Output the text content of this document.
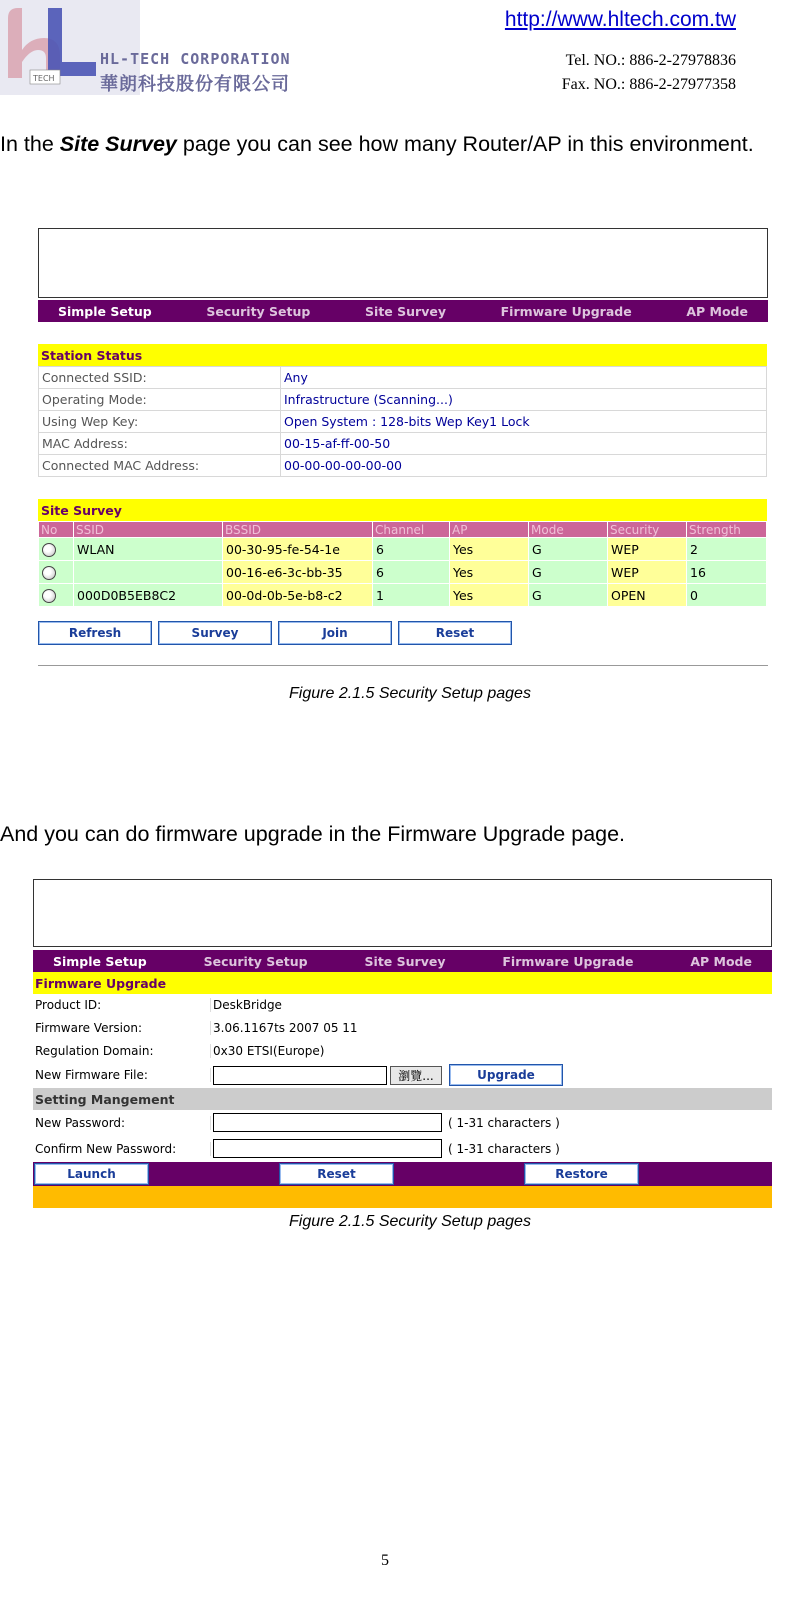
TECH
HL-TECH CORPORATION
華朗科技股份有限公司
http://www.hltech.com.tw
Tel. NO.: 886-2-27978836
Fax. NO.: 886-2-27977358
In the Site Survey page you can see how many Router/AP in this environment.
Simple Setup	Security Setup	Site Survey	Firmware Upgrade	AP Mode
Station Status
Connected SSID:	Any
Operating Mode:	Infrastructure (Scanning...)
Using Wep Key:	Open System : 128-bits Wep Key1 Lock
MAC Address:	00-15-af-ff-00-50
Connected MAC Address:	00-00-00-00-00-00
Site Survey
No	SSID	BSSID	Channel	AP	Mode	Security	Strength
	WLAN	00-30-95-fe-54-1e	6	Yes	G	WEP	2
		00-16-e6-3c-bb-35	6	Yes	G	WEP	16
	000D0B5EB8C2	00-0d-0b-5e-b8-c2	1	Yes	G	OPEN	0
Refresh	Survey	Join	Reset
Figure 2.1.5 Security Setup pages
And you can do firmware upgrade in the Firmware Upgrade page.
Simple Setup	Security Setup	Site Survey	Firmware Upgrade	AP Mode
Firmware Upgrade
Product ID:	DeskBridge
Firmware Version:	3.06.1167ts 2007 05 11
Regulation Domain:	0x30 ETSI(Europe)
New Firmware File:	瀏覽...	Upgrade
Setting Mangement
New Password:	( 1-31 characters )
Confirm New Password:	( 1-31 characters )
Launch	Reset	Restore
Figure 2.1.5 Security Setup pages
5
